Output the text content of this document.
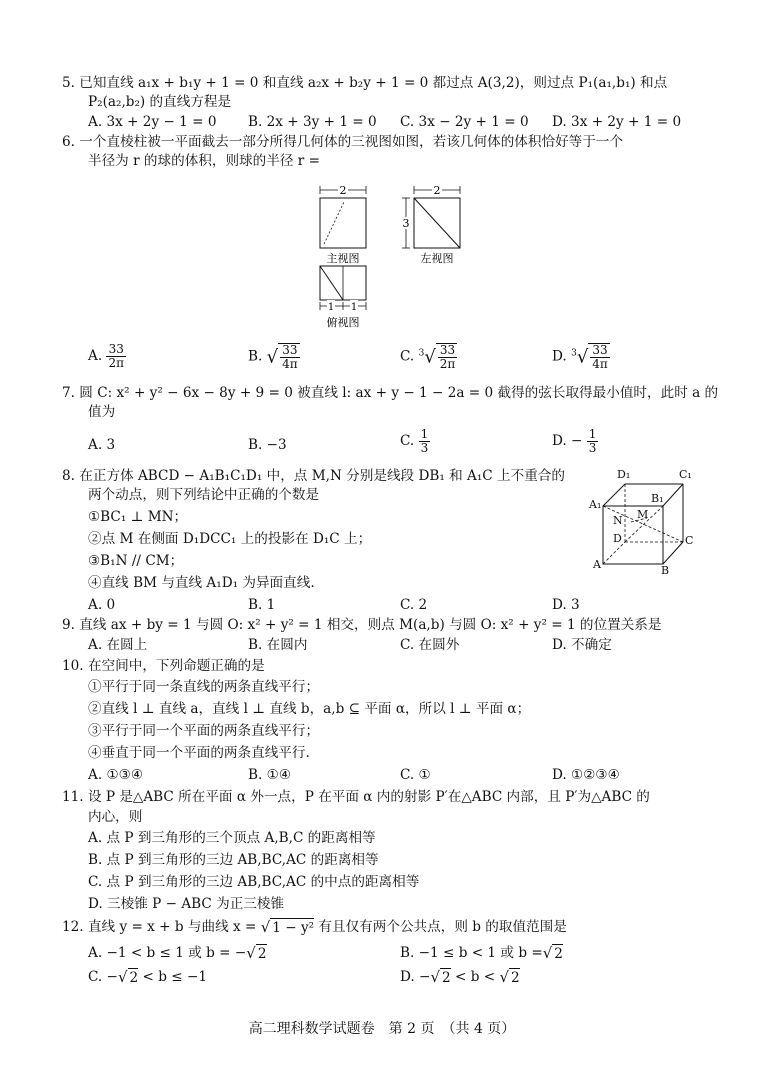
5. 已知直线 a₁x + b₁y + 1 = 0 和直线 a₂x + b₂y + 1 = 0 都过点 A(3,2)，则过点 P₁(a₁,b₁) 和点
P₂(a₂,b₂) 的直线方程是
A. 3x + 2y − 1 = 0 B. 2x + 3y + 1 = 0 C. 3x − 2y + 1 = 0 D. 3x + 2y + 1 = 0
6. 一个直棱柱被一平面截去一部分所得几何体的三视图如图，若该几何体的体积恰好等于一个
半径为 r 的球的体积，则球的半径 r =
2
主视图
2
3
左视图
1 1
俯视图
A. $\frac{33}{2\pi}$	B. √ $\frac{33}{4\pi}$	C. $^3√ \frac{33}{2\pi}$	D. $^3√ \frac{33}{4\pi}$
7. 圆 C: x² + y² − 6x − 8y + 9 = 0 被直线 l: ax + y − 1 − 2a = 0 截得的弦长取得最小值时，此时 a 的
值为
A. 3	B. −3	C. $\frac{1}{3}$	D. − $\frac{1}{3}$
8. 在正方体 ABCD − A₁B₁C₁D₁ 中，点 M,N 分别是线段 DB₁ 和 A₁C 上不重合的
两个动点，则下列结论中正确的个数是
①BC₁ ⊥ MN；
②点 M 在侧面 D₁DCC₁ 上的投影在 D₁C 上；
③B₁N // CM；
④直线 BM 与直线 A₁D₁ 为异面直线.
A. 0	B. 1	C. 2	D. 3
D₁	C₁
A₁	B₁
N M
D	C
A	B
9. 直线 ax + by = 1 与圆 O: x² + y² = 1 相交，则点 M(a,b) 与圆 O: x² + y² = 1 的位置关系是
A. 在圆上	B. 在圆内	C. 在圆外	D. 不确定
10. 在空间中，下列命题正确的是
①平行于同一条直线的两条直线平行；
②直线 l ⊥ 直线 a，直线 l ⊥ 直线 b，a,b ⊆ 平面 α，所以 l ⊥ 平面 α；
③平行于同一个平面的两条直线平行；
④垂直于同一个平面的两条直线平行.
A. ①③④	B. ①④	C. ①	D. ①②③④
11. 设 P 是△ABC 所在平面 α 外一点，P 在平面 α 内的射影 P′在△ABC 内部，且 P′为△ABC 的
内心，则
A. 点 P 到三角形的三个顶点 A,B,C 的距离相等
B. 点 P 到三角形的三边 AB,BC,AC 的距离相等
C. 点 P 到三角形的三边 AB,BC,AC 的中点的距离相等
D. 三棱锥 P − ABC 为正三棱锥
12. 直线 y = x + b 与曲线 x = √ 1 − y² 有且仅有两个公共点，则 b 的取值范围是
A. −1 < b ≤ 1 或 b = −√ 2	B. −1 ≤ b < 1 或 b =√ 2
C. −√ 2 < b ≤ −1	D. −√ 2 < b < √ 2
高二理科数学试题卷　第 2 页　（共 4 页）
